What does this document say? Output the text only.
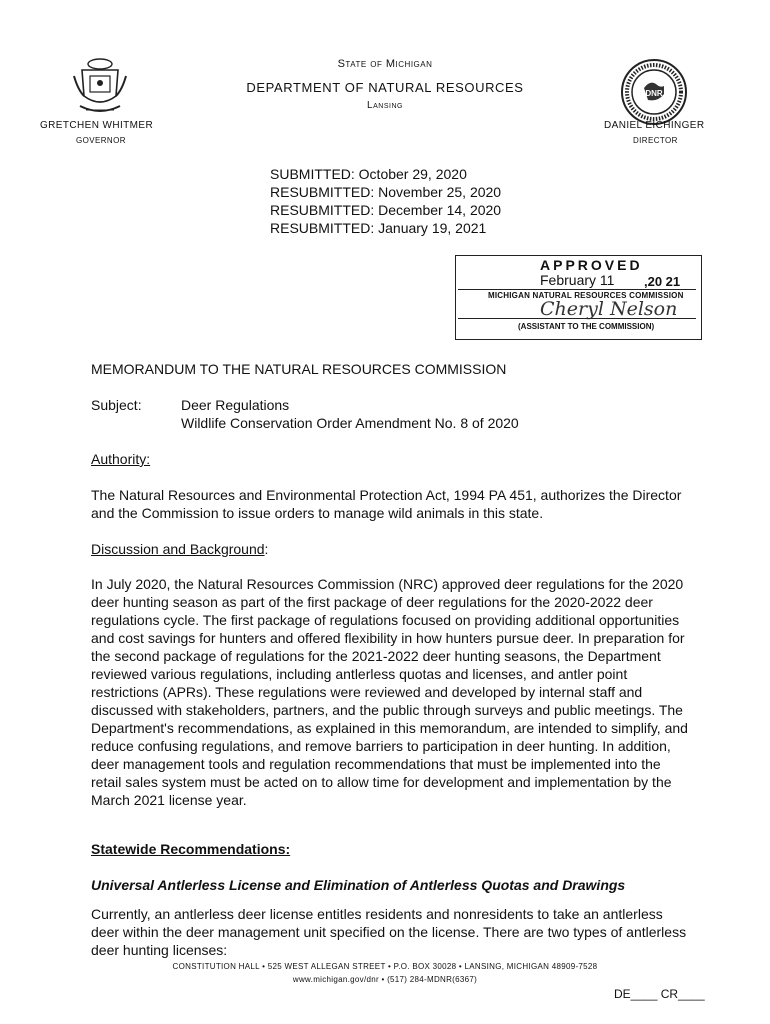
DNR
State of Michigan
DEPARTMENT OF NATURAL RESOURCES
Lansing
GRETCHEN WHITMER
GOVERNOR
DANIEL EICHINGER
DIRECTOR
SUBMITTED: October 29, 2020
RESUBMITTED: November 25, 2020
RESUBMITTED: December 14, 2020
RESUBMITTED: January 19, 2021
APPROVED
February 11 ,20 21
MICHIGAN NATURAL RESOURCES COMMISSION
Cheryl Nelson
(ASSISTANT TO THE COMMISSION)
MEMORANDUM TO THE NATURAL RESOURCES COMMISSION
Subject:	Deer Regulations
Wildlife Conservation Order Amendment No. 8 of 2020
Authority:
The Natural Resources and Environmental Protection Act, 1994 PA 451, authorizes the Director and the Commission to issue orders to manage wild animals in this state.
Discussion and Background:
In July 2020, the Natural Resources Commission (NRC) approved deer regulations for the 2020 deer hunting season as part of the first package of deer regulations for the 2020-2022 deer regulations cycle. The first package of regulations focused on providing additional opportunities and cost savings for hunters and offered flexibility in how hunters pursue deer. In preparation for the second package of regulations for the 2021-2022 deer hunting seasons, the Department reviewed various regulations, including antlerless quotas and licenses, and antler point restrictions (APRs). These regulations were reviewed and developed by internal staff and discussed with stakeholders, partners, and the public through surveys and public meetings. The Department's recommendations, as explained in this memorandum, are intended to simplify, and reduce confusing regulations, and remove barriers to participation in deer hunting. In addition, deer management tools and regulation recommendations that must be implemented into the retail sales system must be acted on to allow time for development and implementation by the March 2021 license year.
Statewide Recommendations:
Universal Antlerless License and Elimination of Antlerless Quotas and Drawings
Currently, an antlerless deer license entitles residents and nonresidents to take an antlerless deer within the deer management unit specified on the license. There are two types of antlerless deer hunting licenses:
CONSTITUTION HALL • 525 WEST ALLEGAN STREET • P.O. BOX 30028 • LANSING, MICHIGAN 48909-7528
www.michigan.gov/dnr • (517) 284-MDNR(6367)
DE____ CR____
